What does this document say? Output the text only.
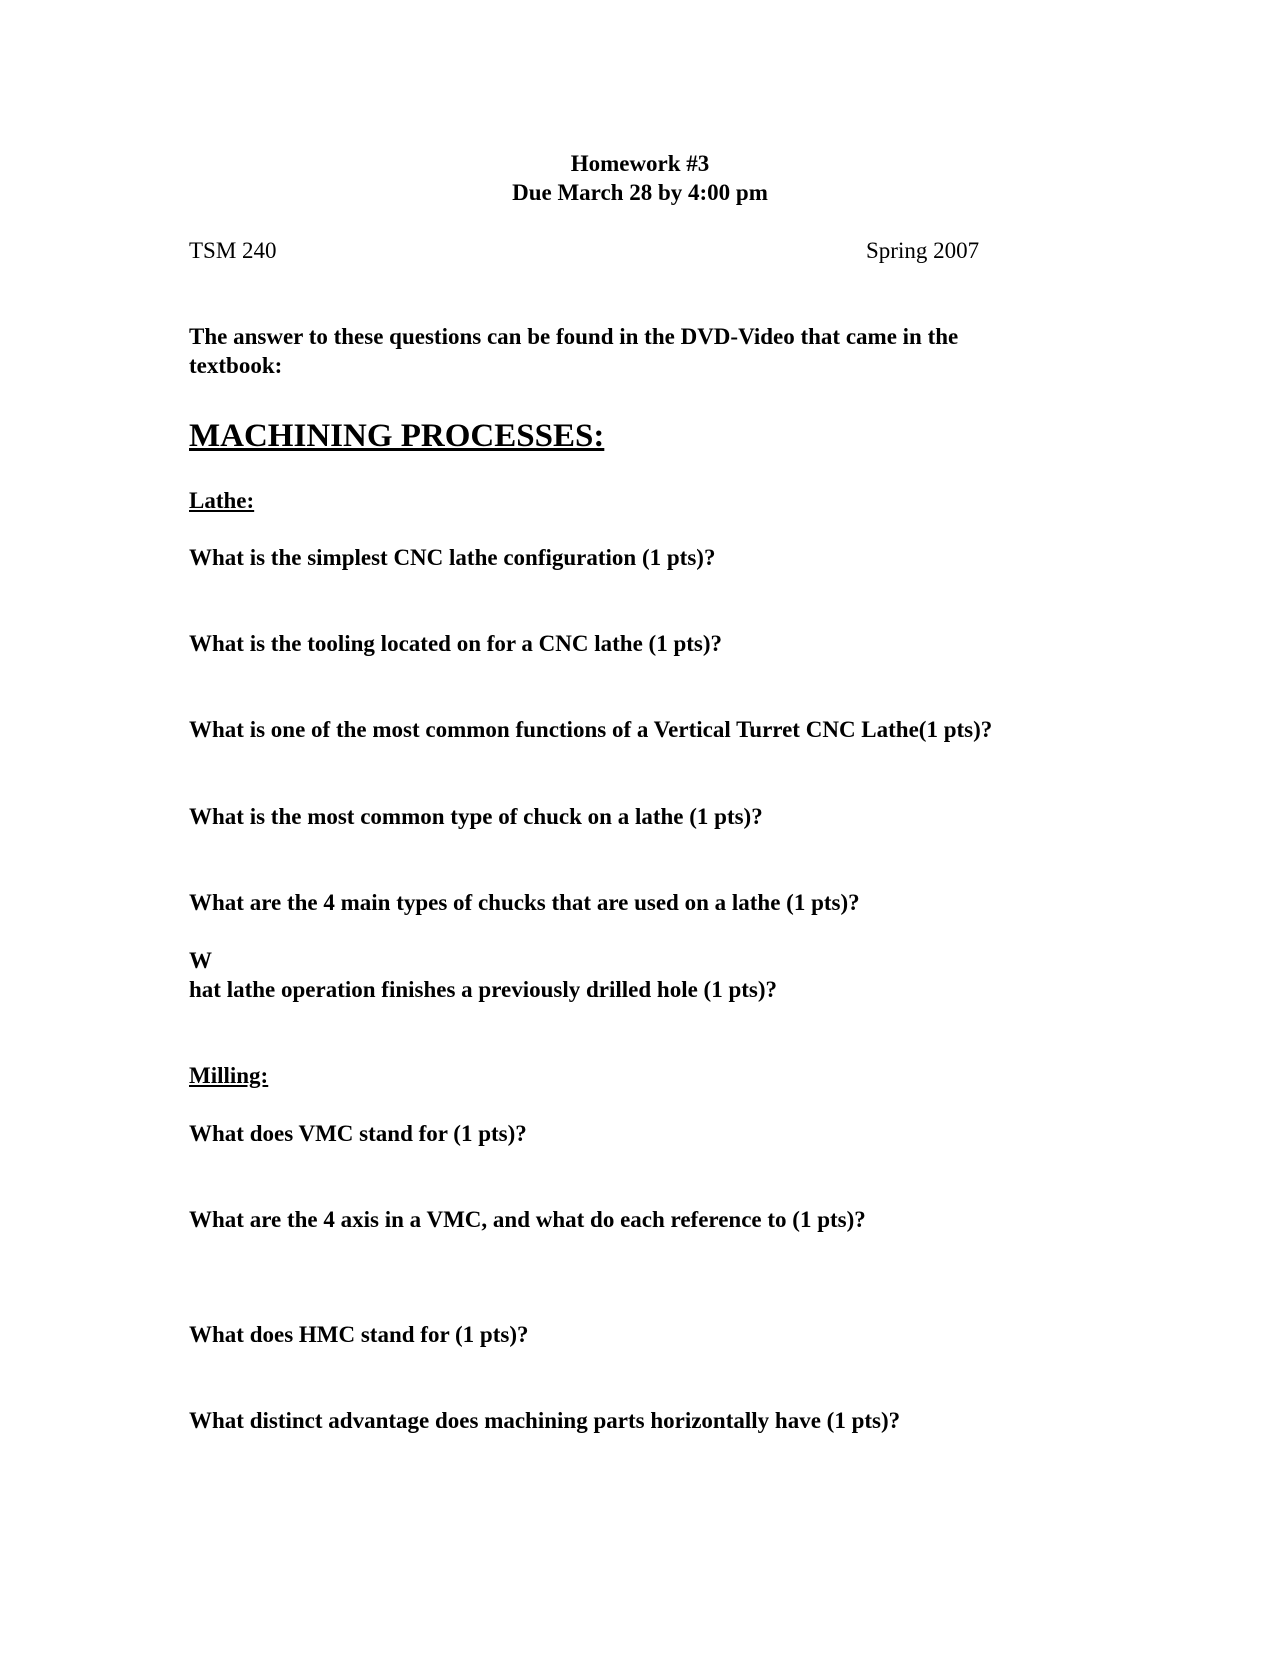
Homework #3
Due March 28 by 4:00 pm
TSM 240	Spring 2007
The answer to these questions can be found in the DVD-Video that came in the
textbook:
MACHINING PROCESSES:
Lathe:
What is the simplest CNC lathe configuration (1 pts)?
What is the tooling located on for a CNC lathe (1 pts)?
What is one of the most common functions of a Vertical Turret CNC Lathe(1 pts)?
What is the most common type of chuck on a lathe (1 pts)?
What are the 4 main types of chucks that are used on a lathe (1 pts)?
W
hat lathe operation finishes a previously drilled hole (1 pts)?
Milling:
What does VMC stand for (1 pts)?
What are the 4 axis in a VMC, and what do each reference to (1 pts)?
What does HMC stand for (1 pts)?
What distinct advantage does machining parts horizontally have (1 pts)?
